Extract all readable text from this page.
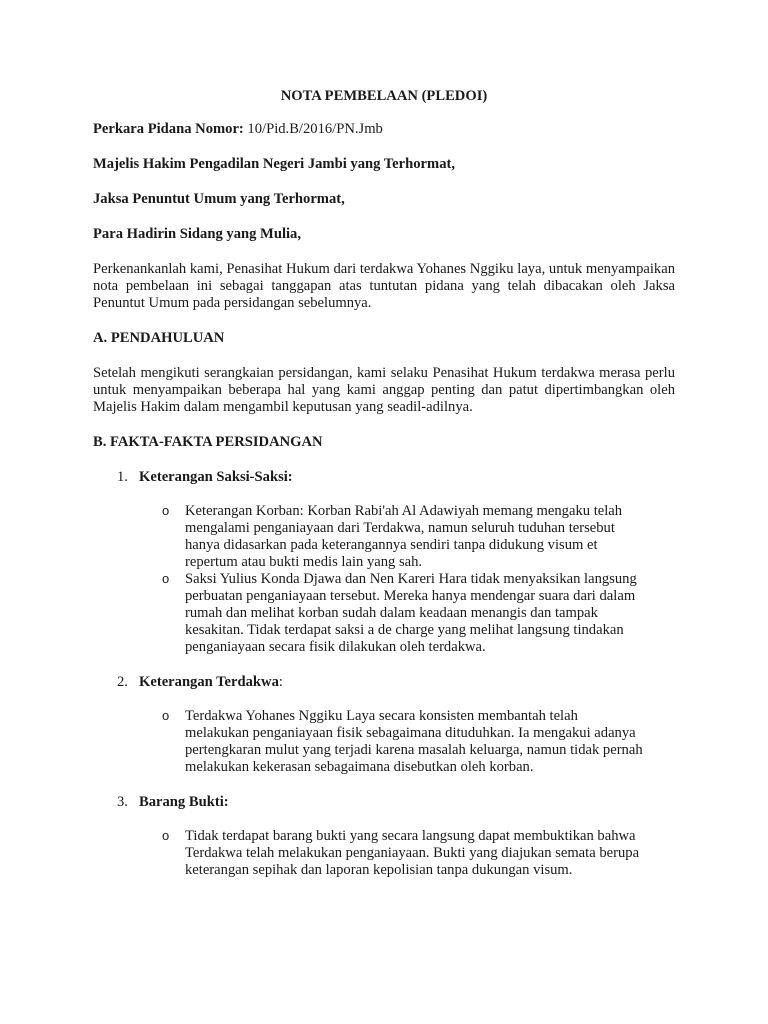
NOTA PEMBELAAN (PLEDOI)
Perkara Pidana Nomor: 10/Pid.B/2016/PN.Jmb
Majelis Hakim Pengadilan Negeri Jambi yang Terhormat,
Jaksa Penuntut Umum yang Terhormat,
Para Hadirin Sidang yang Mulia,
Perkenankanlah kami, Penasihat Hukum dari terdakwa Yohanes Nggiku laya, untuk menyampaikan nota pembelaan ini sebagai tanggapan atas tuntutan pidana yang telah dibacakan oleh Jaksa Penuntut Umum pada persidangan sebelumnya.
A. PENDAHULUAN
Setelah mengikuti serangkaian persidangan, kami selaku Penasihat Hukum terdakwa merasa perlu untuk menyampaikan beberapa hal yang kami anggap penting dan patut dipertimbangkan oleh Majelis Hakim dalam mengambil keputusan yang seadil-adilnya.
B. FAKTA-FAKTA PERSIDANGAN
1. Keterangan Saksi-Saksi:
o Keterangan Korban: Korban Rabi'ah Al Adawiyah memang mengaku telah
mengalami penganiayaan dari Terdakwa, namun seluruh tuduhan tersebut
hanya didasarkan pada keterangannya sendiri tanpa didukung visum et
repertum atau bukti medis lain yang sah.
o Saksi Yulius Konda Djawa dan Nen Kareri Hara tidak menyaksikan langsung
perbuatan penganiayaan tersebut. Mereka hanya mendengar suara dari dalam
rumah dan melihat korban sudah dalam keadaan menangis dan tampak
kesakitan. Tidak terdapat saksi a de charge yang melihat langsung tindakan
penganiayaan secara fisik dilakukan oleh terdakwa.
2. Keterangan Terdakwa:
o Terdakwa Yohanes Nggiku Laya secara konsisten membantah telah
melakukan penganiayaan fisik sebagaimana dituduhkan. Ia mengakui adanya
pertengkaran mulut yang terjadi karena masalah keluarga, namun tidak pernah
melakukan kekerasan sebagaimana disebutkan oleh korban.
3. Barang Bukti:
o Tidak terdapat barang bukti yang secara langsung dapat membuktikan bahwa
Terdakwa telah melakukan penganiayaan. Bukti yang diajukan semata berupa
keterangan sepihak dan laporan kepolisian tanpa dukungan visum.
